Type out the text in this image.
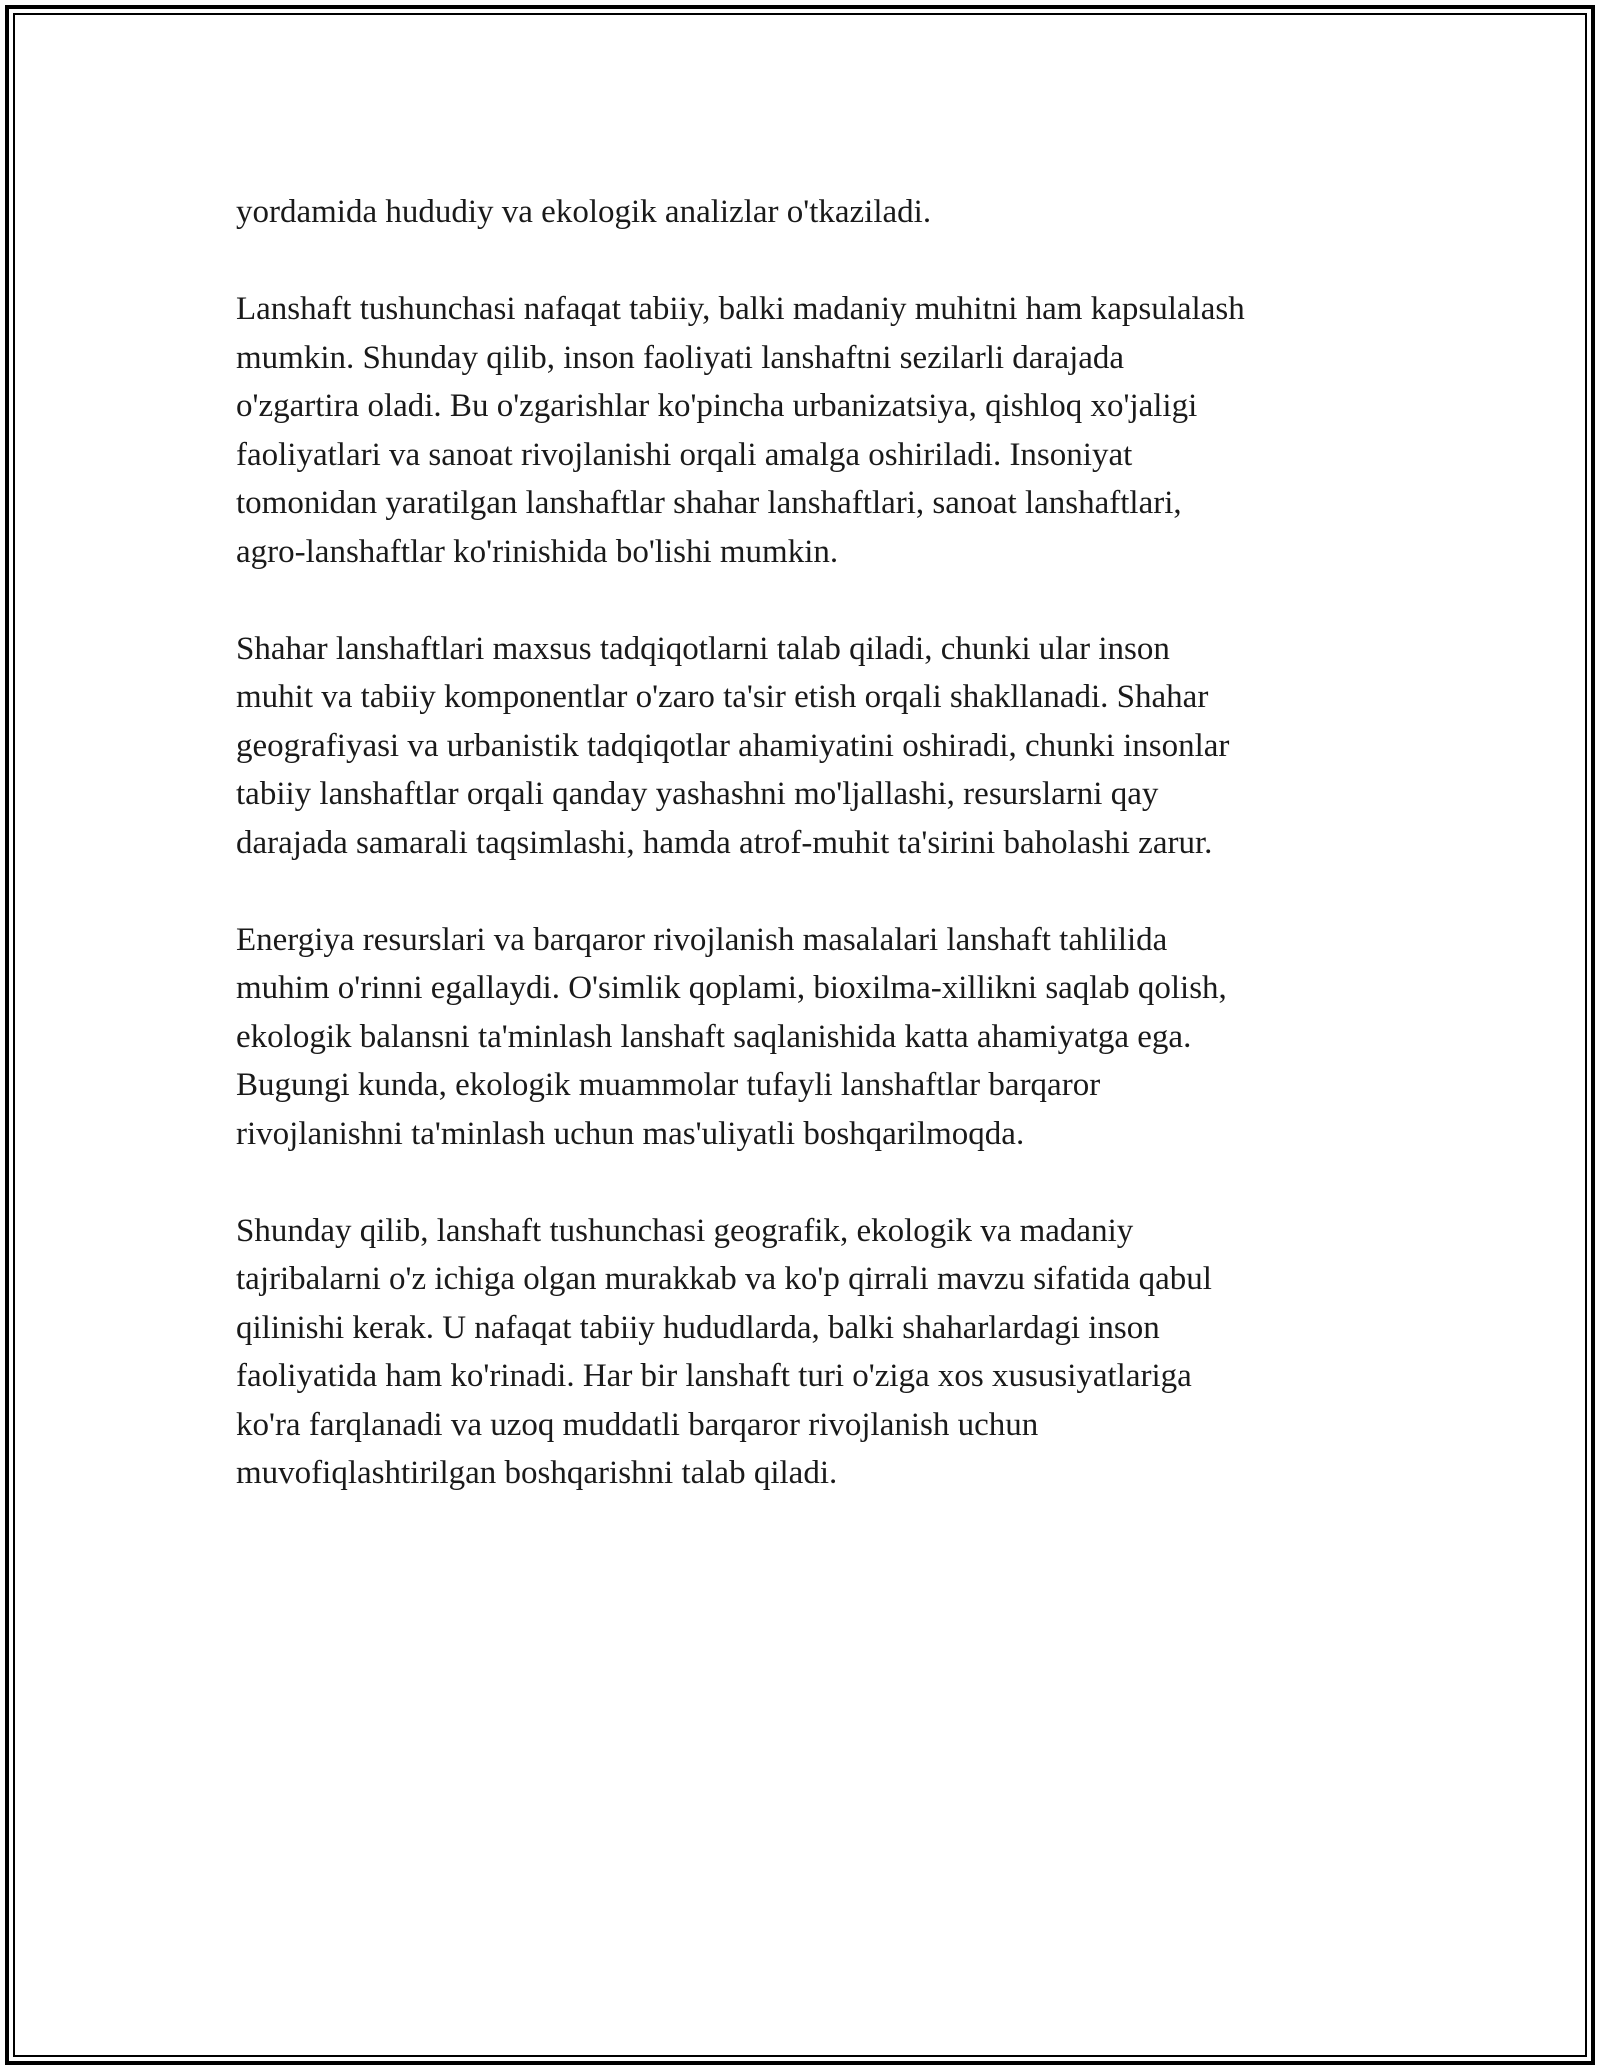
yordamida hududiy va ekologik analizlar o'tkaziladi.

Lanshaft tushunchasi nafaqat tabiiy, balki madaniy muhitni ham kapsulalash
mumkin. Shunday qilib, inson faoliyati lanshaftni sezilarli darajada
o'zgartira oladi. Bu o'zgarishlar ko'pincha urbanizatsiya, qishloq xo'jaligi
faoliyatlari va sanoat rivojlanishi orqali amalga oshiriladi. Insoniyat
tomonidan yaratilgan lanshaftlar shahar lanshaftlari, sanoat lanshaftlari,
agro-lanshaftlar ko'rinishida bo'lishi mumkin.

Shahar lanshaftlari maxsus tadqiqotlarni talab qiladi, chunki ular inson
muhit va tabiiy komponentlar o'zaro ta'sir etish orqali shakllanadi. Shahar
geografiyasi va urbanistik tadqiqotlar ahamiyatini oshiradi, chunki insonlar
tabiiy lanshaftlar orqali qanday yashashni mo'ljallashi, resurslarni qay
darajada samarali taqsimlashi, hamda atrof-muhit ta'sirini baholashi zarur.

Energiya resurslari va barqaror rivojlanish masalalari lanshaft tahlilida
muhim o'rinni egallaydi. O'simlik qoplami, bioxilma-xillikni saqlab qolish,
ekologik balansni ta'minlash lanshaft saqlanishida katta ahamiyatga ega.
Bugungi kunda, ekologik muammolar tufayli lanshaftlar barqaror
rivojlanishni ta'minlash uchun mas'uliyatli boshqarilmoqda.

Shunday qilib, lanshaft tushunchasi geografik, ekologik va madaniy
tajribalarni o'z ichiga olgan murakkab va ko'p qirrali mavzu sifatida qabul
qilinishi kerak. U nafaqat tabiiy hududlarda, balki shaharlardagi inson
faoliyatida ham ko'rinadi. Har bir lanshaft turi o'ziga xos xususiyatlariga
ko'ra farqlanadi va uzoq muddatli barqaror rivojlanish uchun
muvofiqlashtirilgan boshqarishni talab qiladi.
